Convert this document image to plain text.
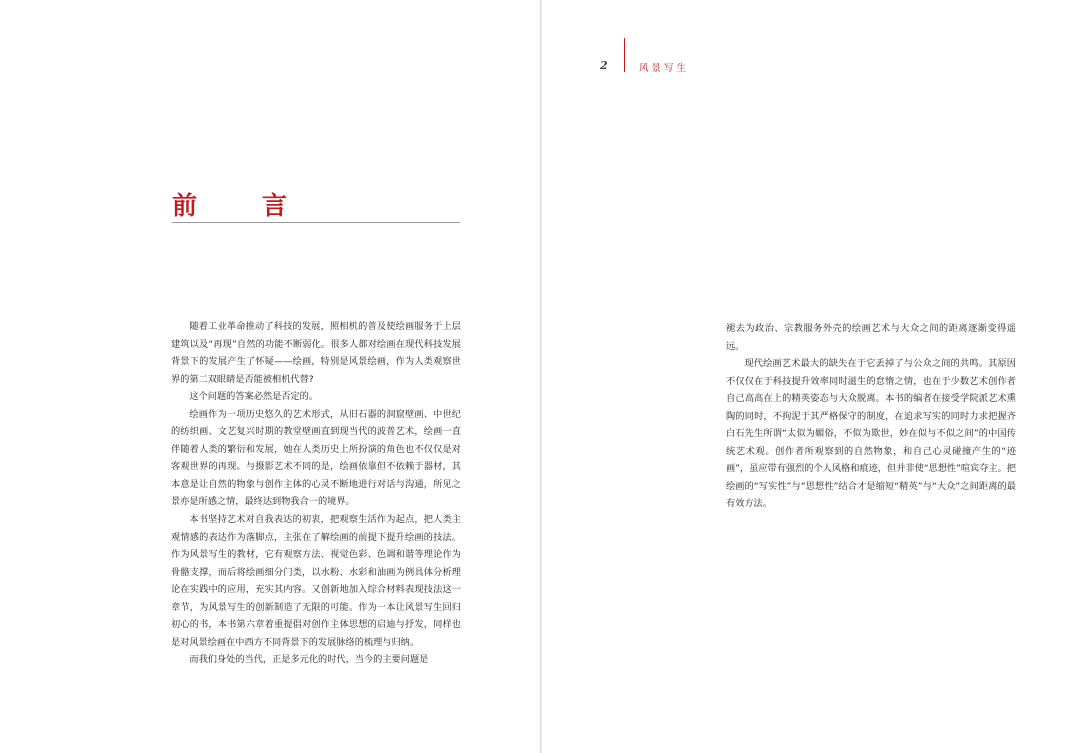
前　言

随着工业革命推动了科技的发展，照相机的普及使绘画服务于上层建筑以及“再现”自然的功能不断弱化。很多人都对绘画在现代科技发展背景下的发展产生了怀疑——绘画，特别是风景绘画，作为人类观察世界的第二双眼睛是否能被相机代替?

这个问题的答案必然是否定的。

绘画作为一项历史悠久的艺术形式，从旧石器的洞窟壁画、中世纪的纺织画、文艺复兴时期的教堂壁画直到现当代的波普艺术，绘画一直伴随着人类的繁衍和发展，她在人类历史上所扮演的角色也不仅仅是对客观世界的再现。与摄影艺术不同的是，绘画依靠但不依赖于器材，其本意是让自然的物象与创作主体的心灵不断地进行对话与沟通，所见之景亦是所感之情，最终达到物我合一的境界。

本书坚持艺术对自我表达的初衷，把观察生活作为起点，把人类主观情感的表达作为落脚点，主张在了解绘画的前提下提升绘画的技法。作为风景写生的教材，它有观察方法、视觉色彩、色调和谐等理论作为骨骼支撑，而后将绘画细分门类，以水粉、水彩和油画为例具体分析理论在实践中的应用，充实其内容。又创新地加入综合材料表现技法这一章节，为风景写生的创新制造了无限的可能。作为一本让风景写生回归初心的书，本书第六章着重提倡对创作主体思想的启迪与抒发，同样也是对风景绘画在中西方不同背景下的发展脉络的梳理与归纳。

而我们身处的当代，正是多元化的时代，当今的主要问题是

2	风景写生

褪去为政治、宗教服务外壳的绘画艺术与大众之间的距离逐渐变得遥远。

现代绘画艺术最大的缺失在于它丢掉了与公众之间的共鸣。其原因不仅仅在于科技提升效率同时滋生的怠惰之情，也在于少数艺术创作者自己高高在上的精英姿态与大众脱离。本书的编者在接受学院派艺术熏陶的同时，不拘泥于其严格保守的制度，在追求写实的同时力求把握齐白石先生所谓“太似为媚俗，不似为欺世，妙在似与不似之间”的中国传统艺术观。创作者所观察到的自然物象，和自己心灵碰撞产生的“迹画”，虽应带有强烈的个人风格和痕迹，但并非使“思想性”喧宾夺主。把绘画的“写实性”与“思想性”结合才是缩短“精英”与“大众”之间距离的最有效方法。
